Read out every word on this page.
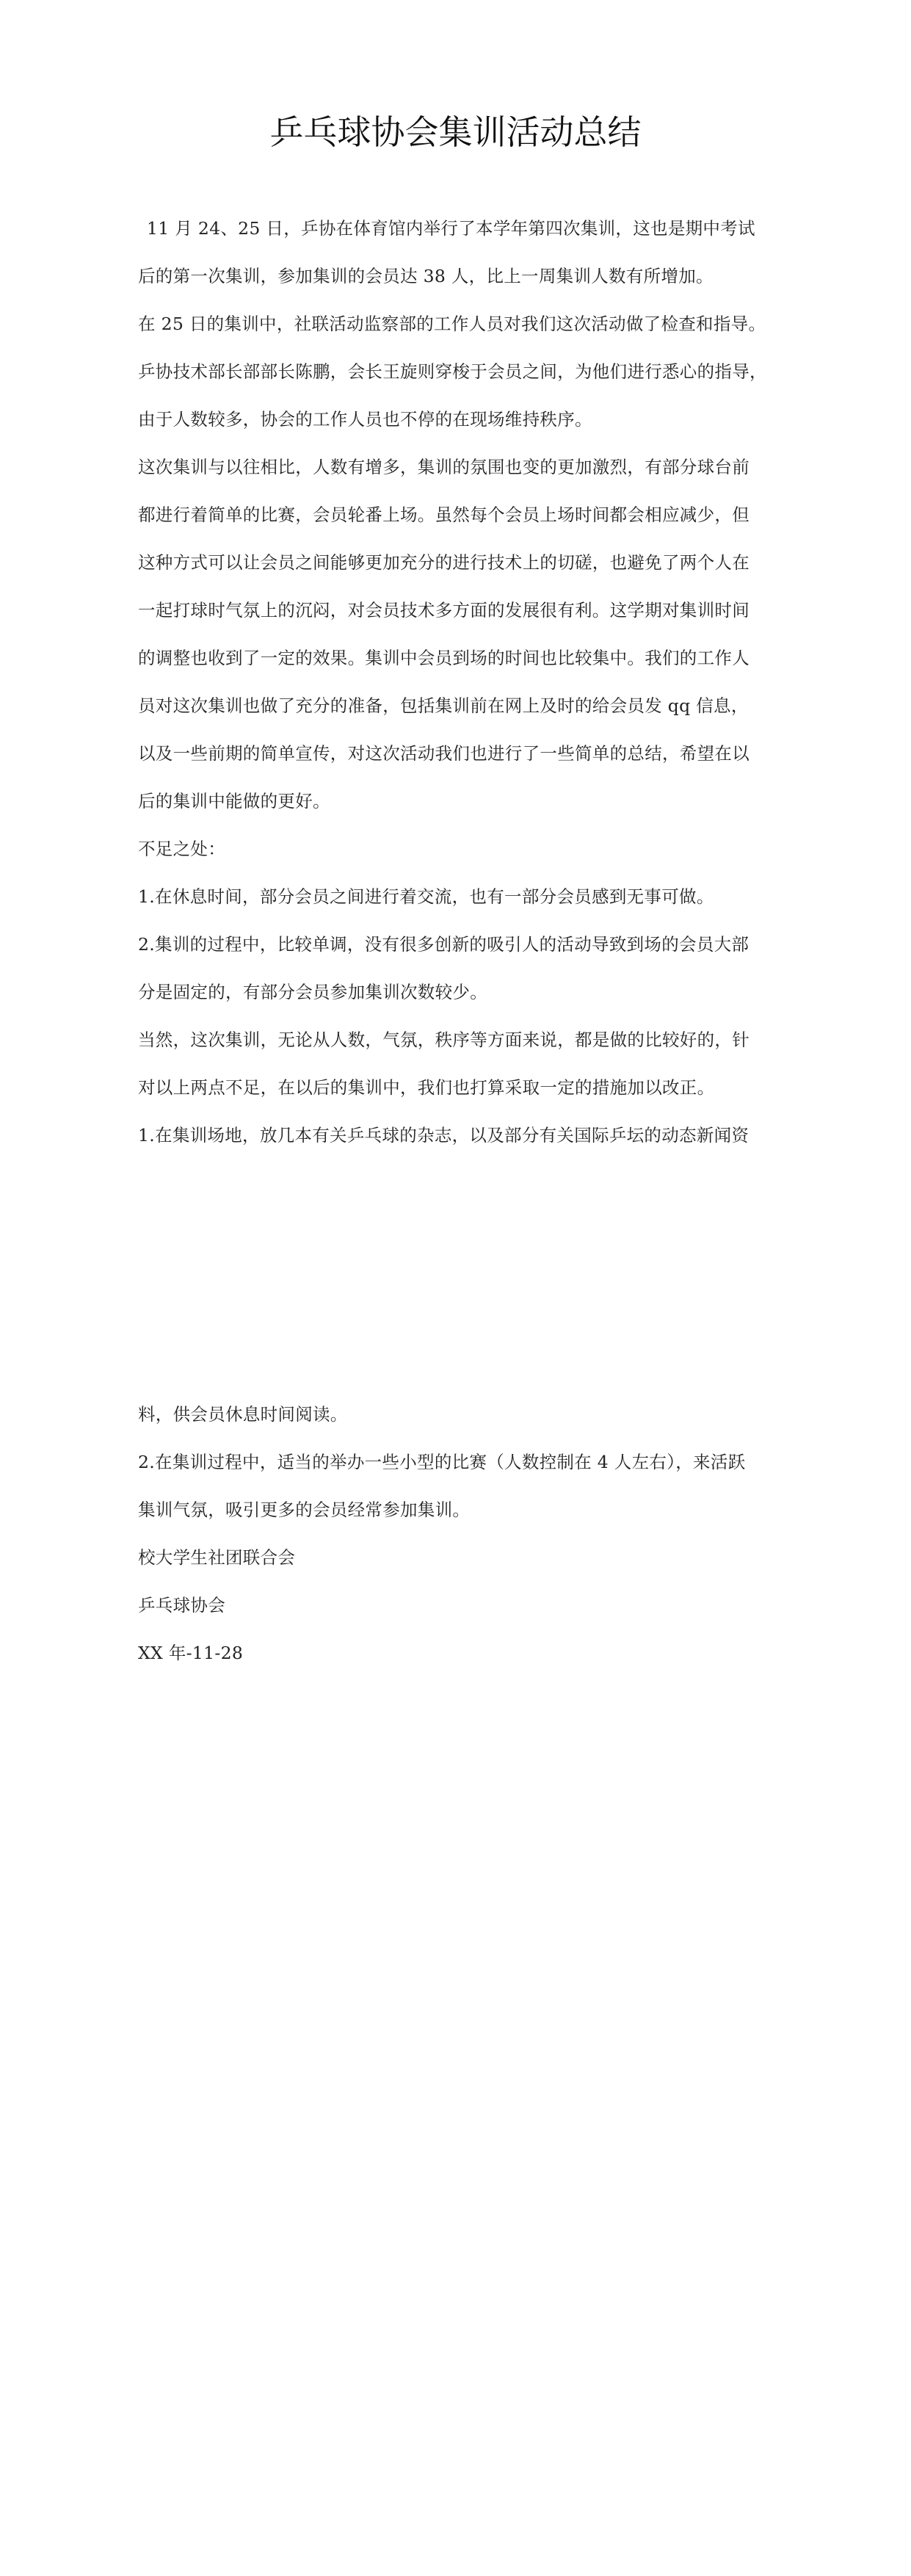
乒乓球协会集训活动总结
11 月 24、25 日，乒协在体育馆内举行了本学年第四次集训，这也是期中考试
后的第一次集训，参加集训的会员达 38 人，比上一周集训人数有所增加。
在 25 日的集训中，社联活动监察部的工作人员对我们这次活动做了检查和指导。
乒协技术部长部部长陈鹏，会长王旋则穿梭于会员之间，为他们进行悉心的指导，
由于人数较多，协会的工作人员也不停的在现场维持秩序。
这次集训与以往相比，人数有增多，集训的氛围也变的更加激烈，有部分球台前
都进行着简单的比赛，会员轮番上场。虽然每个会员上场时间都会相应减少，但
这种方式可以让会员之间能够更加充分的进行技术上的切磋，也避免了两个人在
一起打球时气氛上的沉闷，对会员技术多方面的发展很有利。这学期对集训时间
的调整也收到了一定的效果。集训中会员到场的时间也比较集中。我们的工作人
员对这次集训也做了充分的准备，包括集训前在网上及时的给会员发 qq 信息，
以及一些前期的简单宣传，对这次活动我们也进行了一些简单的总结，希望在以
后的集训中能做的更好。
不足之处：
1.在休息时间，部分会员之间进行着交流，也有一部分会员感到无事可做。
2.集训的过程中，比较单调，没有很多创新的吸引人的活动导致到场的会员大部
分是固定的，有部分会员参加集训次数较少。
当然，这次集训，无论从人数，气氛，秩序等方面来说，都是做的比较好的，针
对以上两点不足，在以后的集训中，我们也打算采取一定的措施加以改正。
1.在集训场地，放几本有关乒乓球的杂志，以及部分有关国际乒坛的动态新闻资
料，供会员休息时间阅读。
2.在集训过程中，适当的举办一些小型的比赛（人数控制在 4 人左右），来活跃
集训气氛，吸引更多的会员经常参加集训。
校大学生社团联合会
乒乓球协会
XX 年-11-28
